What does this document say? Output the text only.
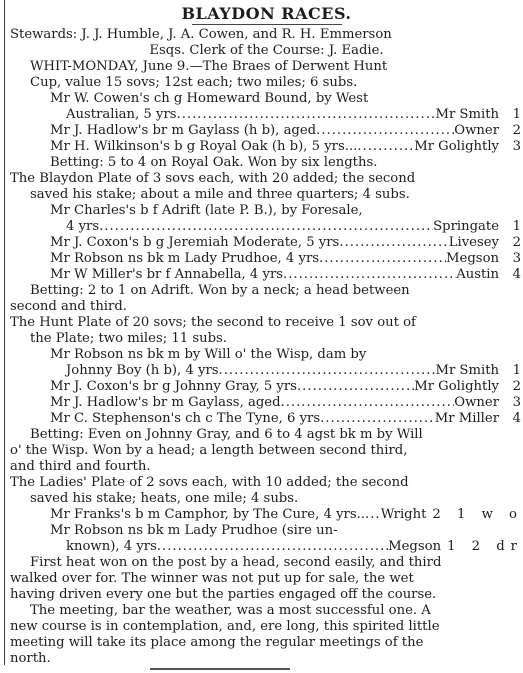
BLAYDON RACES.
Stewards: J. J. Humble, J. A. Cowen, and R. H. Emmerson
Esqs. Clerk of the Course: J. Eadie.
WHIT-MONDAY, June 9.—The Braes of Derwent Hunt
Cup, value 15 sovs; 12st each; two miles; 6 subs.
Mr W. Cowen's ch g Homeward Bound, by West
Australian, 5 yrs .....	Mr Smith	1
Mr J. Hadlow's br m Gaylass (h b), aged .....	Owner	2
Mr H. Wilkinson's b g Royal Oak (h b), 5 yrs... .....	Mr Golightly	3
Betting: 5 to 4 on Royal Oak. Won by six lengths.
The Blaydon Plate of 3 sovs each, with 20 added; the second
saved his stake; about a mile and three quarters; 4 subs.
Mr Charles's b f Adrift (late P. B.), by Foresale,
4 yrs .....	Springate	1
Mr J. Coxon's b g Jeremiah Moderate, 5 yrs .....	Livesey	2
Mr Robson ns bk m Lady Prudhoe, 4 yrs .....	Megson	3
Mr W Miller's br f Annabella, 4 yrs .....	Austin	4
Betting: 2 to 1 on Adrift. Won by a neck; a head between
second and third.
The Hunt Plate of 20 sovs; the second to receive 1 sov out of
the Plate; two miles; 11 subs.
Mr Robson ns bk m by Will o' the Wisp, dam by
Johnny Boy (h b), 4 yrs .....	Mr Smith	1
Mr J. Coxon's br g Johnny Gray, 5 yrs .....	Mr Golightly	2
Mr J. Hadlow's br m Gaylass, aged .....	Owner	3
Mr C. Stephenson's ch c The Tyne, 6 yrs .....	Mr Miller	4
Betting: Even on Johnny Gray, and 6 to 4 agst bk m by Will
o' the Wisp. Won by a head; a length between second third,
and third and fourth.
The Ladies' Plate of 2 sovs each, with 10 added; the second
saved his stake; heats, one mile; 4 subs.
Mr Franks's b m Camphor, by The Cure, 4 yrs.. ..... Wright 2 1 w o
Mr Robson ns bk m Lady Prudhoe (sire un-
known), 4 yrs .....	Megson 1 2 dr
First heat won on the post by a head, second easily, and third
walked over for. The winner was not put up for sale, the wet
having driven every one but the parties engaged off the course.
The meeting, bar the weather, was a most successful one. A
new course is in contemplation, and, ere long, this spirited little
meeting will take its place among the regular meetings of the
north.
